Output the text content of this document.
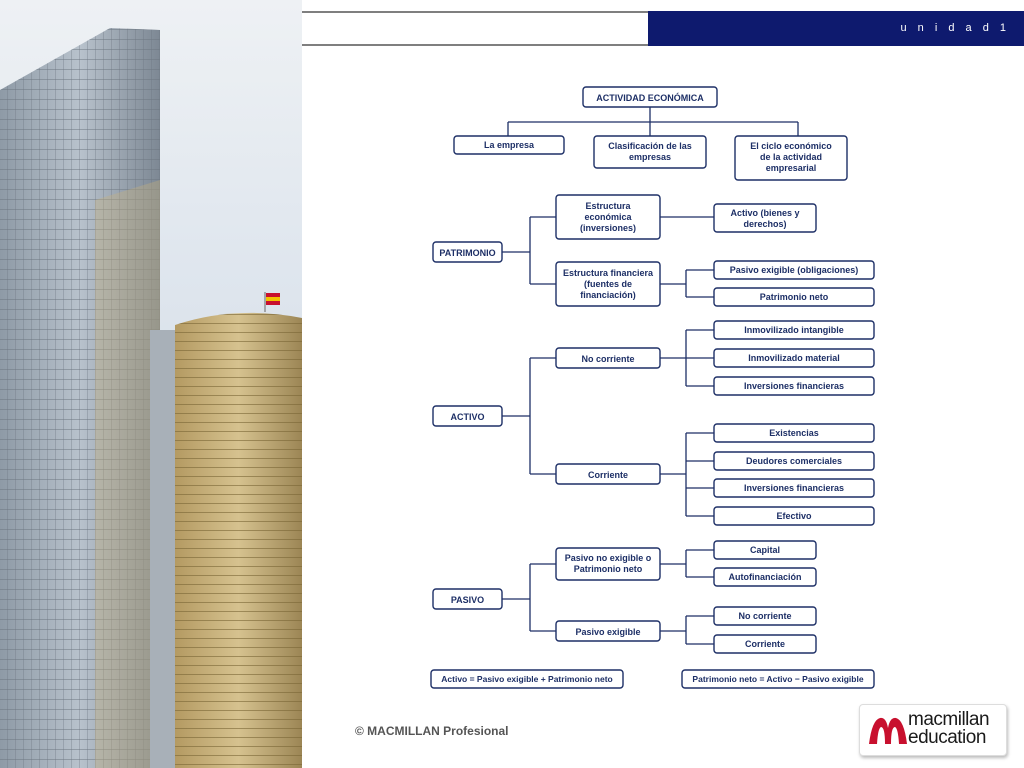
u n i d a d 1
ACTIVIDAD ECONÓMICA
La empresa	Clasificación de las
empresas
El ciclo económico
de la actividad
empresarial
PATRIMONIO
Estructura
económica
(inversiones)
Estructura financiera
(fuentes de
financiación)
Activo (bienes y
derechos)
Pasivo exigible (obligaciones)
Patrimonio neto
ACTIVO
No corriente
Corriente
Inmovilizado intangible
Inmovilizado material
Inversiones financieras
Existencias
Deudores comerciales
Inversiones financieras
Efectivo
PASIVO
Pasivo no exigible o
Patrimonio neto
Pasivo exigible
Capital
Autofinanciación
No corriente
Corriente
Activo = Pasivo exigible + Patrimonio neto	Patrimonio neto = Activo − Pasivo exigible
© MACMILLAN Profesional
macmillan
education
